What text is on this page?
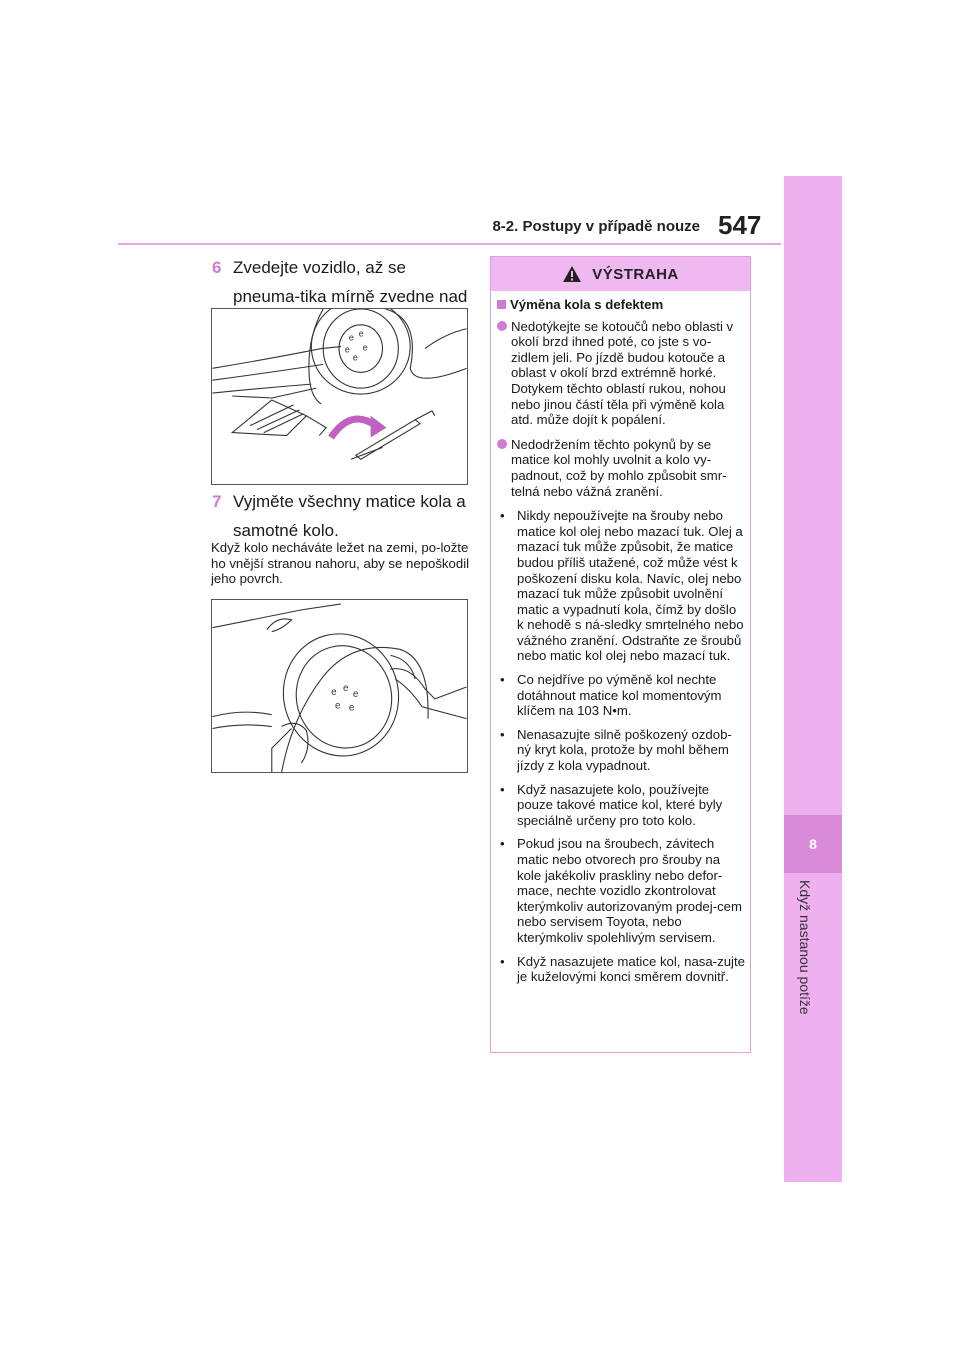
8-2. Postupy v případě nouze 547
8
Když nastanou potíže
6 Zvedejte vozidlo, až se pneuma-tika mírně zvedne nad
e e
e e
e
7 Vyjměte všechny matice kola a samotné kolo.
Když kolo necháváte ležet na zemi, po-ložte ho vnější stranou nahoru, aby se nepoškodil jeho povrch.
e e
e
e e
VÝSTRAHA
Výměna kola s defektem
Nedotýkejte se kotoučů nebo oblasti v okolí brzd ihned poté, co jste s vo-zidlem jeli. Po jízdě budou kotouče a oblast v okolí brzd extrémně horké. Dotykem těchto oblastí rukou, nohou nebo jinou částí těla při výměně kola atd. může dojít k popálení.
Nedodržením těchto pokynů by se matice kol mohly uvolnit a kolo vy-padnout, což by mohlo způsobit smr-telná nebo vážná zranění.
• Nikdy nepoužívejte na šrouby nebo matice kol olej nebo mazací tuk. Olej a mazací tuk může způsobit, že matice budou příliš utažené, což může vést k poškození disku kola. Navíc, olej nebo mazací tuk může způsobit uvolnění matic a vypadnutí kola, čímž by došlo k nehodě s ná-sledky smrtelného nebo vážného zranění. Odstraňte ze šroubů nebo matic kol olej nebo mazací tuk.
• Co nejdříve po výměně kol nechte dotáhnout matice kol momentovým klíčem na 103 N•m.
• Nenasazujte silně poškozený ozdob-ný kryt kola, protože by mohl během jízdy z kola vypadnout.
• Když nasazujete kolo, používejte pouze takové matice kol, které byly speciálně určeny pro toto kolo.
• Pokud jsou na šroubech, závitech matic nebo otvorech pro šrouby na kole jakékoliv praskliny nebo defor-mace, nechte vozidlo zkontrolovat kterýmkoliv autorizovaným prodej-cem nebo servisem Toyota, nebo kterýmkoliv spolehlivým servisem.
• Když nasazujete matice kol, nasa-zujte je kuželovými konci směrem dovnitř.
